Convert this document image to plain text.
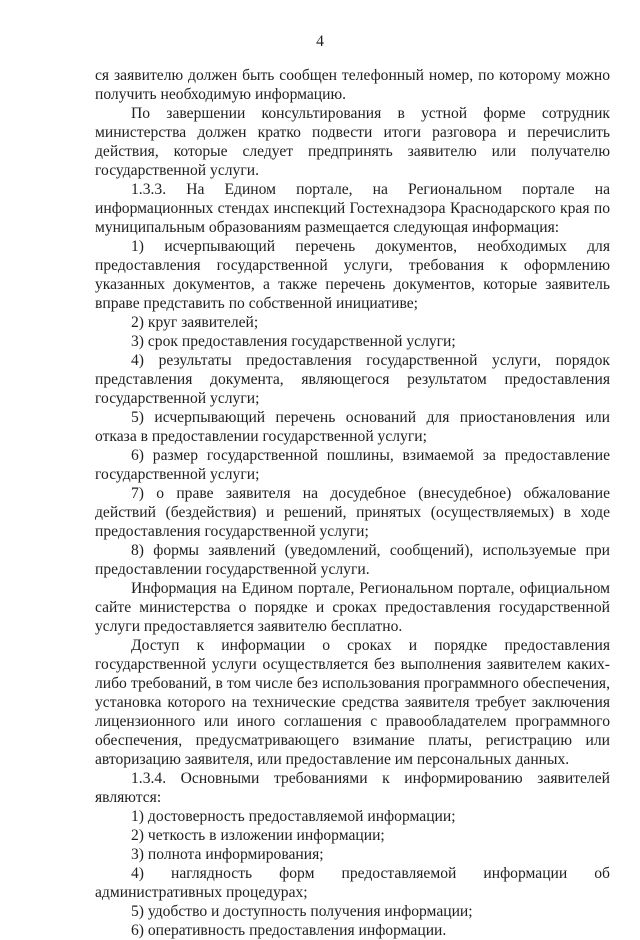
4

ся заявителю должен быть сообщен телефонный номер, по которому можно получить необходимую информацию.

По завершении консультирования в устной форме сотрудник министерства должен кратко подвести итоги разговора и перечислить действия, которые следует предпринять заявителю или получателю государственной услуги.

1.3.3. На Едином портале, на Региональном портале на информационных стендах инспекций Гостехнадзора Краснодарского края по муниципальным образованиям размещается следующая информация:

1) исчерпывающий перечень документов, необходимых для предоставления государственной услуги, требования к оформлению указанных документов, а также перечень документов, которые заявитель вправе представить по собственной инициативе;

2) круг заявителей;

3) срок предоставления государственной услуги;

4) результаты предоставления государственной услуги, порядок представления документа, являющегося результатом предоставления государственной услуги;

5) исчерпывающий перечень оснований для приостановления или отказа в предоставлении государственной услуги;

6) размер государственной пошлины, взимаемой за предоставление государственной услуги;

7) о праве заявителя на досудебное (внесудебное) обжалование действий (бездействия) и решений, принятых (осуществляемых) в ходе предоставления государственной услуги;

8) формы заявлений (уведомлений, сообщений), используемые при предоставлении государственной услуги.

Информация на Едином портале, Региональном портале, официальном сайте министерства о порядке и сроках предоставления государственной услуги предоставляется заявителю бесплатно.

Доступ к информации о сроках и порядке предоставления государственной услуги осуществляется без выполнения заявителем каких-либо требований, в том числе без использования программного обеспечения, установка которого на технические средства заявителя требует заключения лицензионного или иного соглашения с правообладателем программного обеспечения, предусматривающего взимание платы, регистрацию или авторизацию заявителя, или предоставление им персональных данных.

1.3.4. Основными требованиями к информированию заявителей являются:

1) достоверность предоставляемой информации;

2) четкость в изложении информации;

3) полнота информирования;

4) наглядность форм предоставляемой информации об административных процедурах;

5) удобство и доступность получения информации;

6) оперативность предоставления информации.
